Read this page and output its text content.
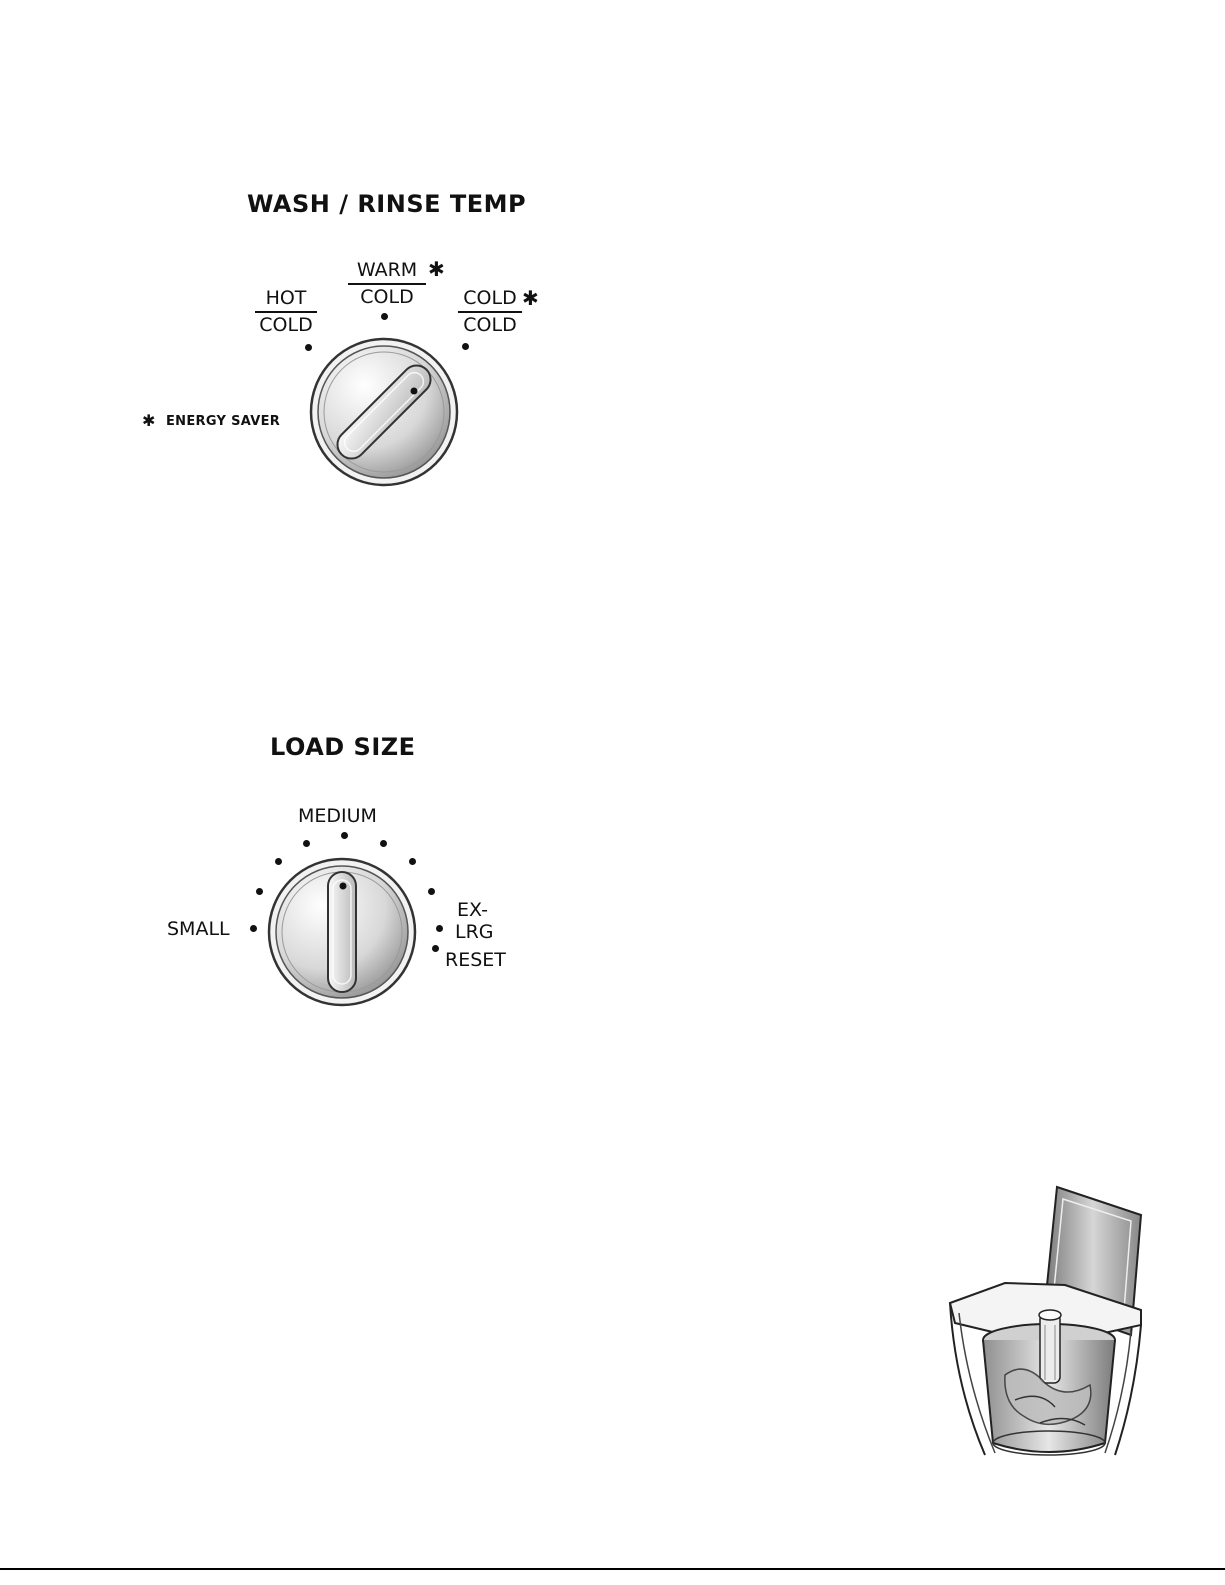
WASH / RINSE TEMP
HOT
COLD
WARM
COLD
✱
COLD
COLD
✱
✱ ENERGY SAVER
LOAD SIZE
MEDIUM
SMALL
EX-
LRG
RESET
